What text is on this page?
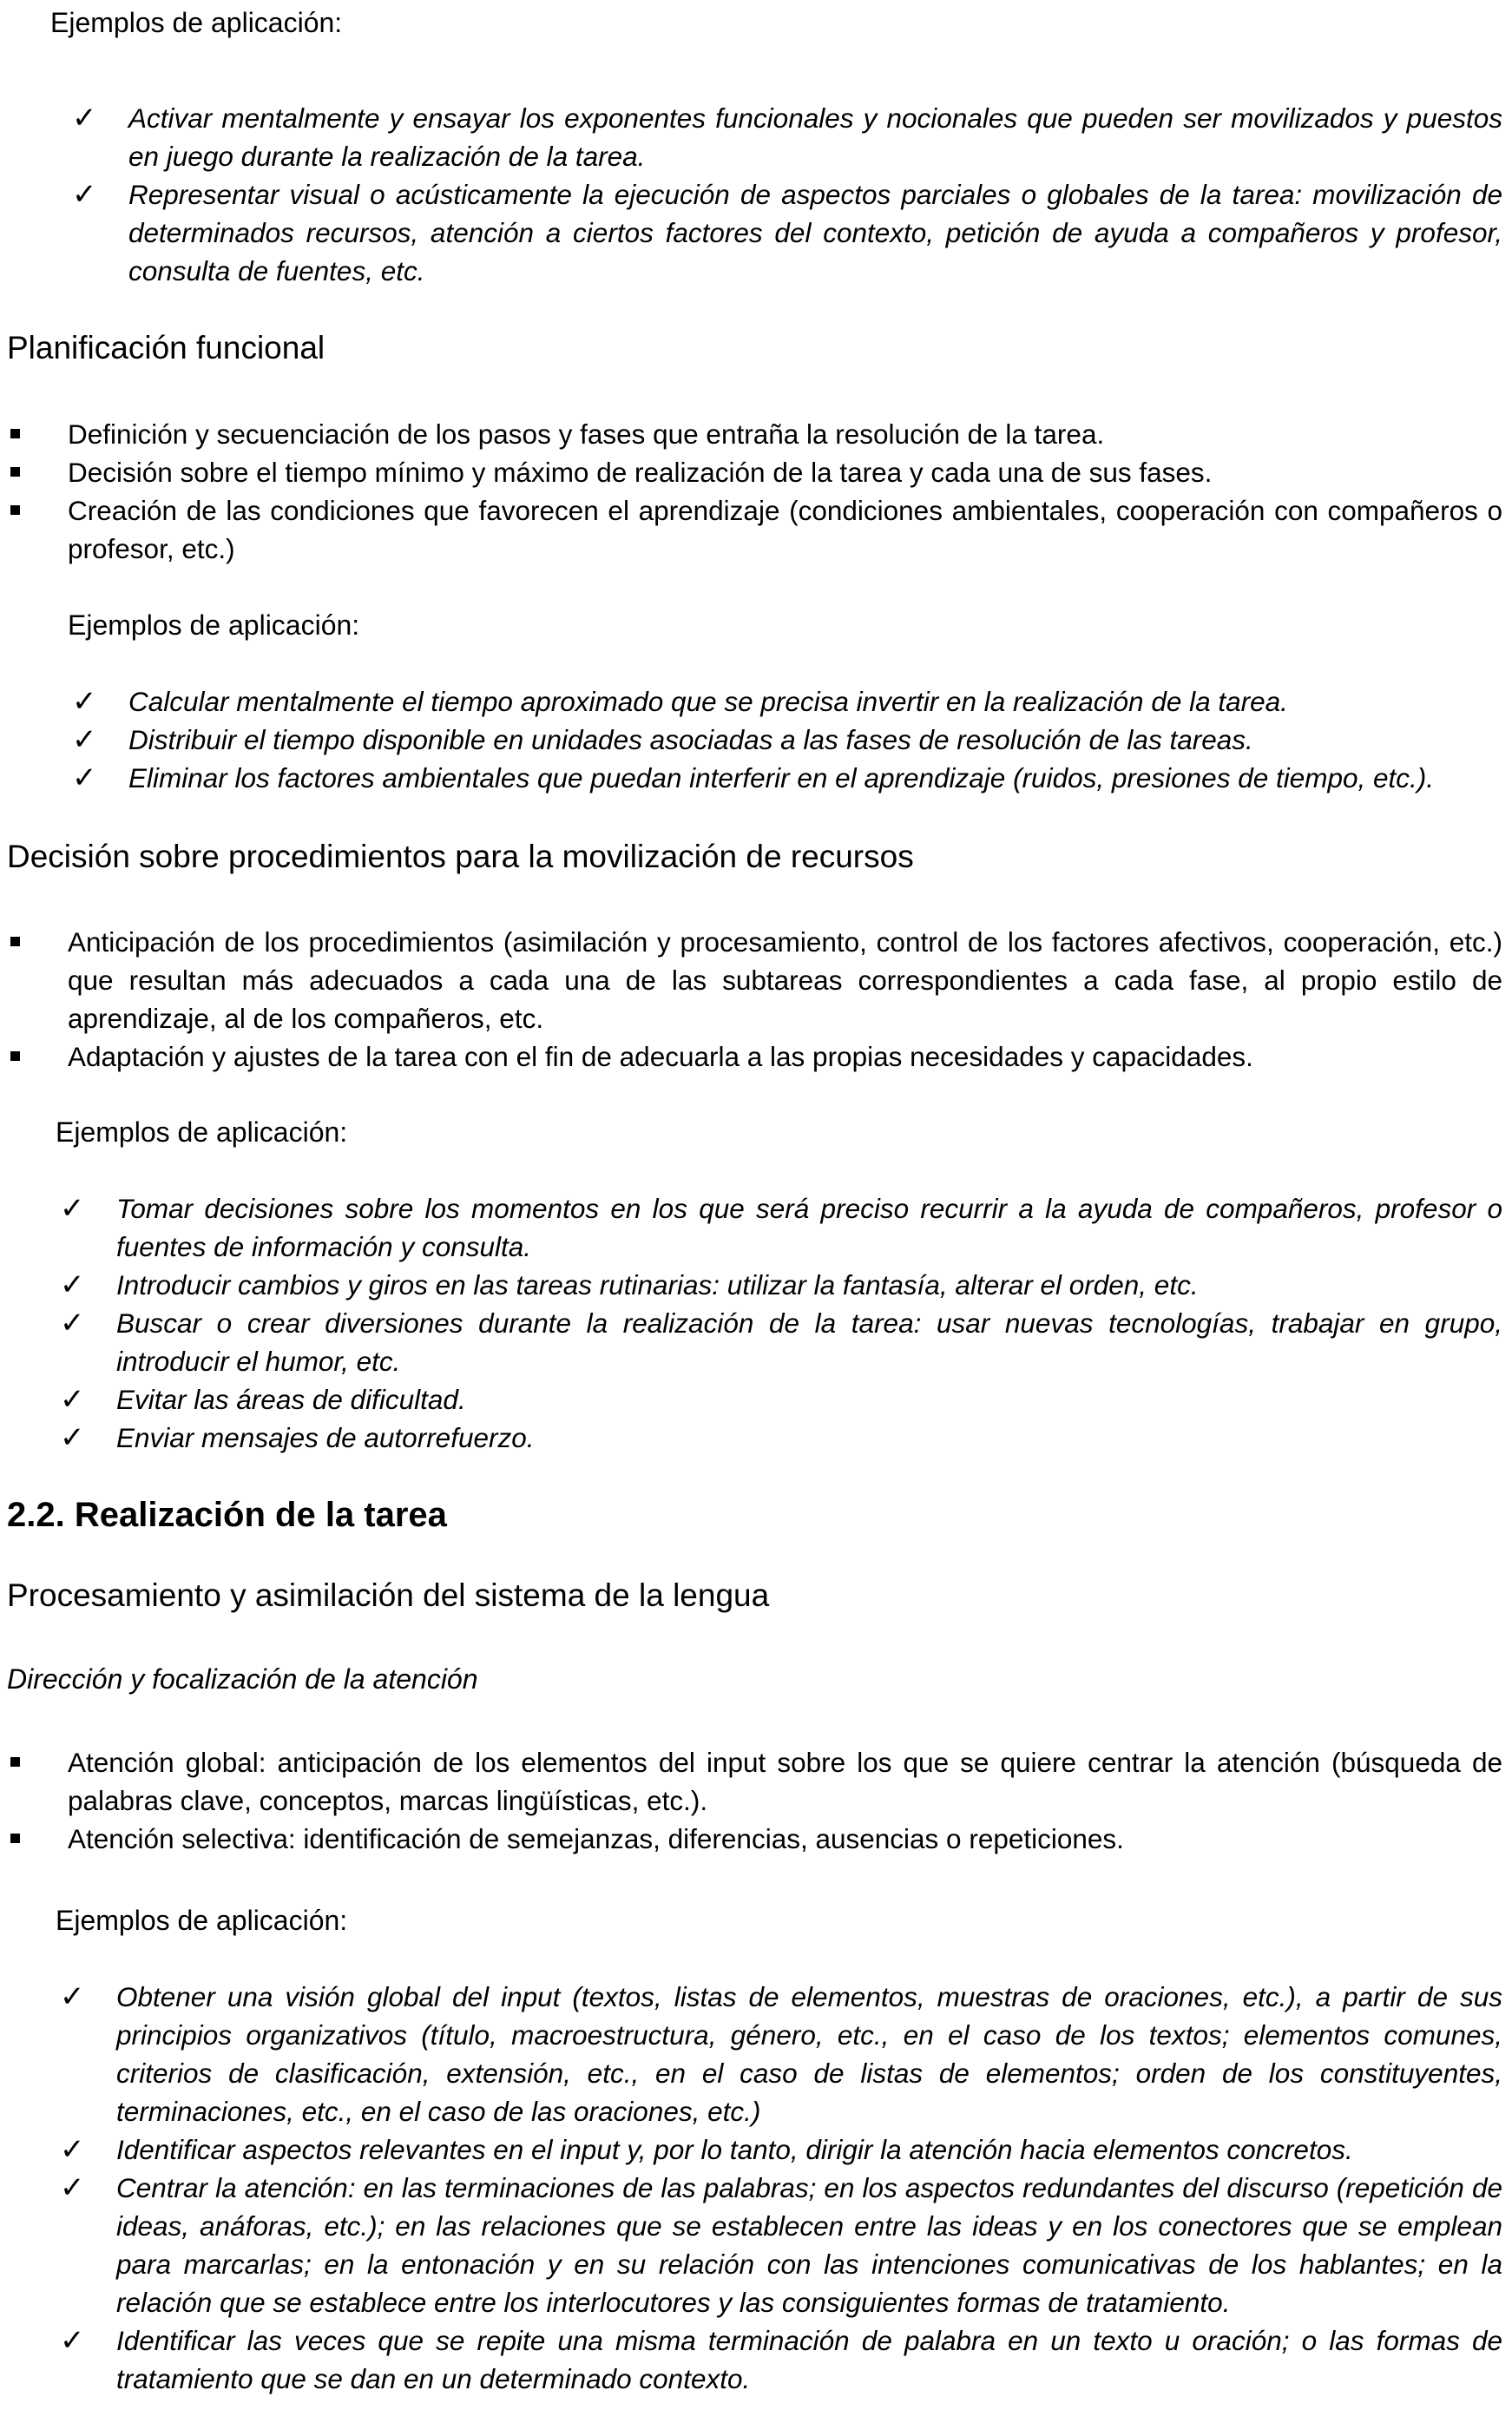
Ejemplos de aplicación:

✓ Activar mentalmente y ensayar los exponentes funcionales y nocionales que pueden ser movilizados y puestos en juego durante la realización de la tarea.
✓ Representar visual o acústicamente la ejecución de aspectos parciales o globales de la tarea: movilización de determinados recursos, atención a ciertos factores del contexto, petición de ayuda a compañeros y profesor, consulta de fuentes, etc.
Planificación funcional
Definición y secuenciación de los pasos y fases que entraña la resolución de la tarea.
Decisión sobre el tiempo mínimo y máximo de realización de la tarea y cada una de sus fases.
Creación de las condiciones que favorecen el aprendizaje (condiciones ambientales, cooperación con compañeros o profesor, etc.)

Ejemplos de aplicación:

✓ Calcular mentalmente el tiempo aproximado que se precisa invertir en la realización de la tarea.
✓ Distribuir el tiempo disponible en unidades asociadas a las fases de resolución de las tareas.
✓ Eliminar los factores ambientales que puedan interferir en el aprendizaje (ruidos, presiones de tiempo, etc.).
Decisión sobre procedimientos para la movilización de recursos
Anticipación de los procedimientos (asimilación y procesamiento, control de los factores afectivos, cooperación, etc.) que resultan más adecuados a cada una de las subtareas correspondientes a cada fase, al propio estilo de aprendizaje, al de los compañeros, etc.
Adaptación y ajustes de la tarea con el fin de adecuarla a las propias necesidades y capacidades.

Ejemplos de aplicación:

✓ Tomar decisiones sobre los momentos en los que será preciso recurrir a la ayuda de compañeros, profesor o fuentes de información y consulta.
✓ Introducir cambios y giros en las tareas rutinarias: utilizar la fantasía, alterar el orden, etc.
✓ Buscar o crear diversiones durante la realización de la tarea: usar nuevas tecnologías, trabajar en grupo, introducir el humor, etc.
✓ Evitar las áreas de dificultad.
✓ Enviar mensajes de autorrefuerzo.
2.2. Realización de la tarea
Procesamiento y asimilación del sistema de la lengua
Dirección y focalización de la atención
Atención global: anticipación de los elementos del input sobre los que se quiere centrar la atención (búsqueda de palabras clave, conceptos, marcas lingüísticas, etc.).
Atención selectiva: identificación de semejanzas, diferencias, ausencias o repeticiones.

Ejemplos de aplicación:

✓ Obtener una visión global del input (textos, listas de elementos, muestras de oraciones, etc.), a partir de sus principios organizativos (título, macroestructura, género, etc., en el caso de los textos; elementos comunes, criterios de clasificación, extensión, etc., en el caso de listas de elementos; orden de los constituyentes, terminaciones, etc., en el caso de las oraciones, etc.)
✓ Identificar aspectos relevantes en el input y, por lo tanto, dirigir la atención hacia elementos concretos.
✓ Centrar la atención: en las terminaciones de las palabras; en los aspectos redundantes del discurso (repetición de ideas, anáforas, etc.); en las relaciones que se establecen entre las ideas y en los conectores que se emplean para marcarlas; en la entonación y en su relación con las intenciones comunicativas de los hablantes; en la relación que se establece entre los interlocutores y las consiguientes formas de tratamiento.
✓ Identificar las veces que se repite una misma terminación de palabra en un texto u oración; o las formas de tratamiento que se dan en un determinado contexto.
